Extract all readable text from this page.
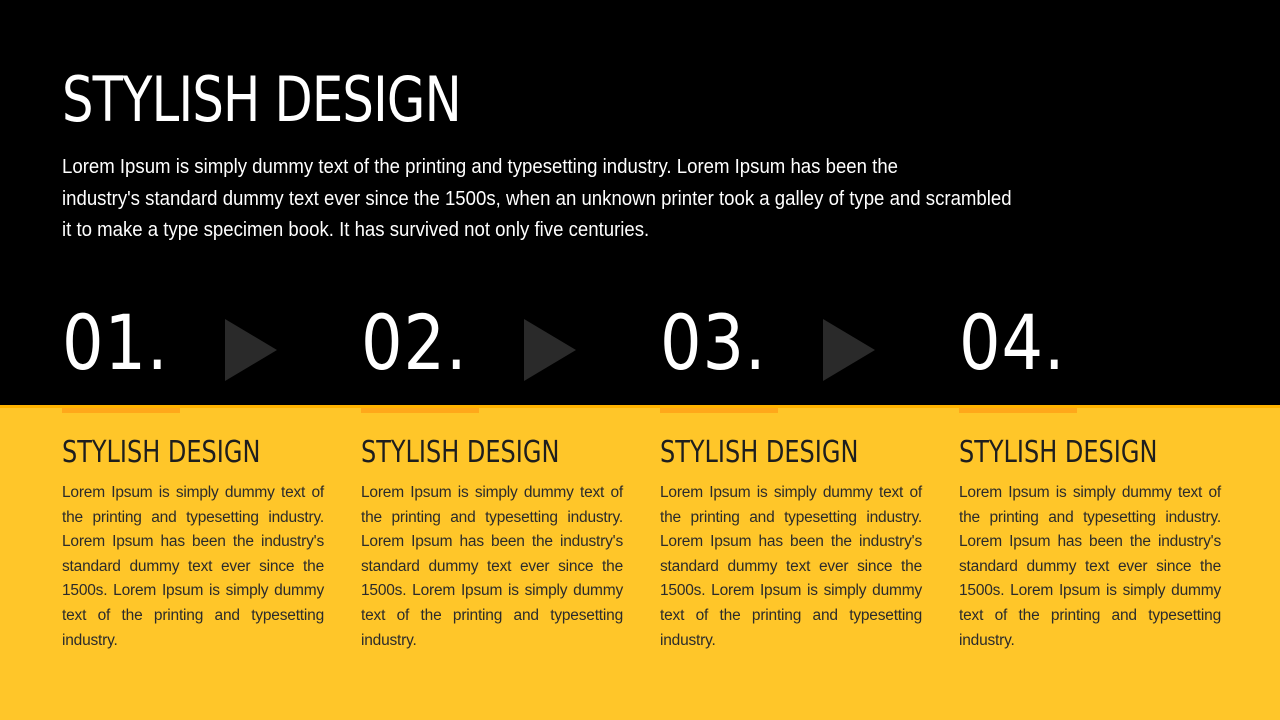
STYLISH DESIGN
Lorem Ipsum is simply dummy text of the printing and typesetting industry. Lorem Ipsum has been the
industry's standard dummy text ever since the 1500s, when an unknown printer took a galley of type and scrambled
it to make a type specimen book. It has survived not only five centuries.
01.
STYLISH DESIGN

Lorem Ipsum is simply dummy text of the printing and typesetting industry. Lorem Ipsum has been the industry's standard dummy text ever since the 1500s. Lorem Ipsum is simply dummy text of the printing and typesetting industry.

02.
STYLISH DESIGN

Lorem Ipsum is simply dummy text of the printing and typesetting industry. Lorem Ipsum has been the industry's standard dummy text ever since the 1500s. Lorem Ipsum is simply dummy text of the printing and typesetting industry.

03.
STYLISH DESIGN

Lorem Ipsum is simply dummy text of the printing and typesetting industry. Lorem Ipsum has been the industry's standard dummy text ever since the 1500s. Lorem Ipsum is simply dummy text of the printing and typesetting industry.

04.
STYLISH DESIGN

Lorem Ipsum is simply dummy text of the printing and typesetting industry. Lorem Ipsum has been the industry's standard dummy text ever since the 1500s. Lorem Ipsum is simply dummy text of the printing and typesetting industry.
